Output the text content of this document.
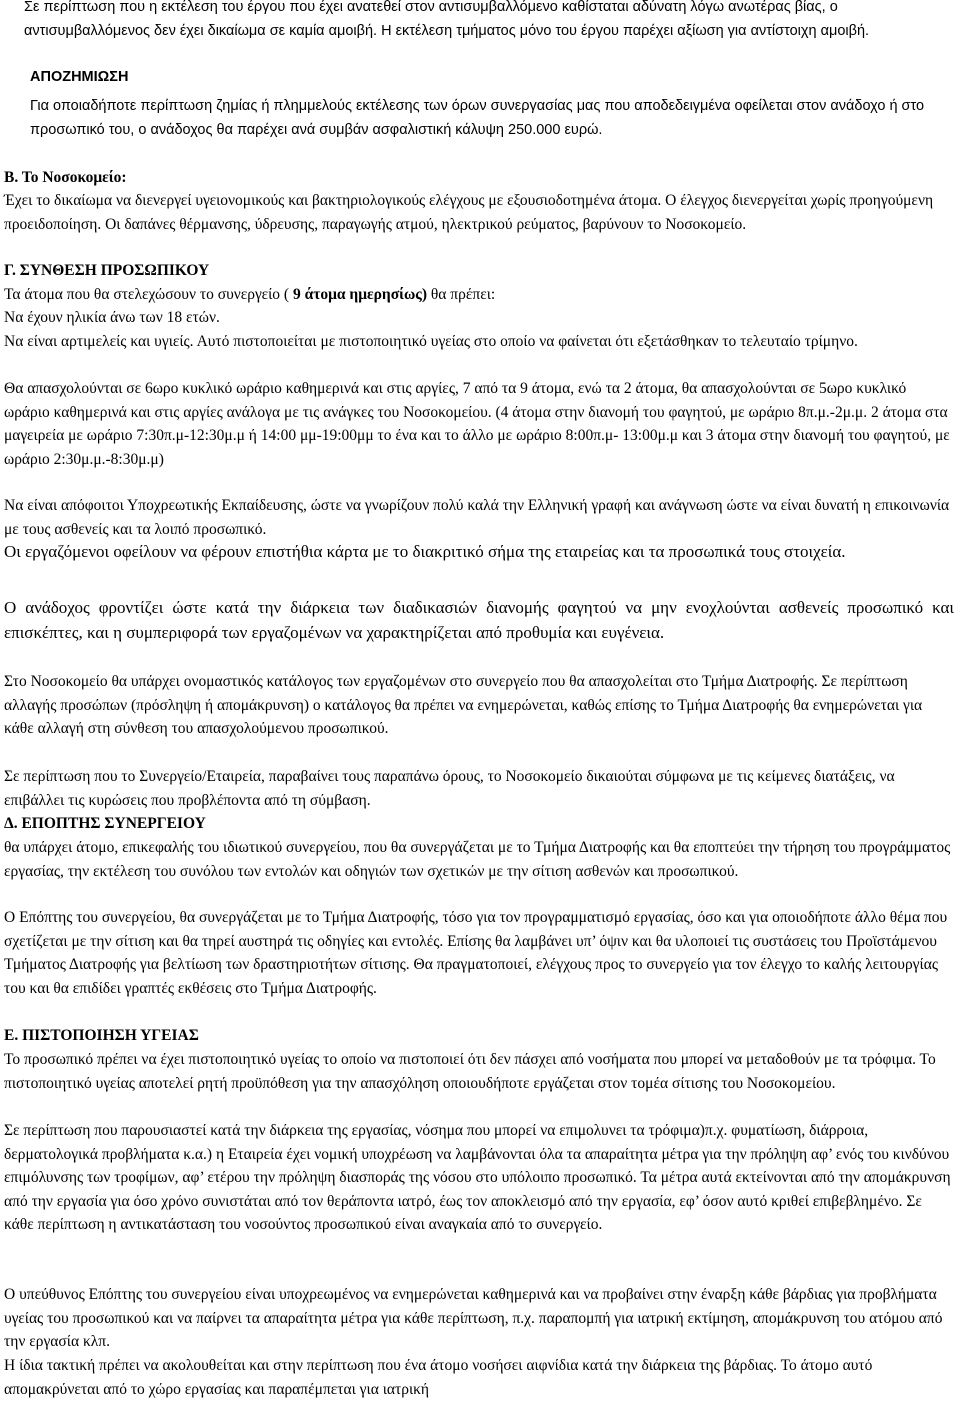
Σε περίπτωση που η εκτέλεση του έργου που έχει ανατεθεί στον αντισυμβαλλόμενο καθίσταται αδύνατη λόγω ανωτέρας βίας, ο αντισυμβαλλόμενος δεν έχει δικαίωμα σε καμία αμοιβή. Η εκτέλεση τμήματος μόνο του έργου παρέχει αξίωση για αντίστοιχη αμοιβή.

ΑΠΟΖΗΜΙΩΣΗ

Για οποιαδήποτε περίπτωση ζημίας ή πλημμελούς εκτέλεσης των όρων συνεργασίας μας που αποδεδειγμένα οφείλεται στον ανάδοχο ή στο προσωπικό του, ο ανάδοχος θα παρέχει ανά συμβάν ασφαλιστική κάλυψη 250.000 ευρώ.

Β. Το Νοσοκομείο:

Έχει το δικαίωμα να διενεργεί υγειονομικούς και βακτηριολογικούς ελέγχους με εξουσιοδοτημένα άτομα. Ο έλεγχος διενεργείται χωρίς προηγούμενη προειδοποίηση. Οι δαπάνες θέρμανσης, ύδρευσης, παραγωγής ατμού, ηλεκτρικού ρεύματος, βαρύνουν το Νοσοκομείο.

Γ. ΣΥΝΘΕΣΗ ΠΡΟΣΩΠΙΚΟΥ

Τα άτομα που θα στελεχώσουν το συνεργείο ( 9 άτομα ημερησίως) θα πρέπει:

Να έχουν ηλικία άνω των 18 ετών.

Να είναι αρτιμελείς και υγιείς. Αυτό πιστοποιείται με πιστοποιητικό υγείας στο οποίο να φαίνεται ότι εξετάσθηκαν το τελευταίο τρίμηνο.

Θα απασχολούνται σε 6ωρο κυκλικό ωράριο καθημερινά και στις αργίες, 7 από τα 9 άτομα, ενώ τα 2 άτομα, θα απασχολούνται σε 5ωρο κυκλικό ωράριο καθημερινά και στις αργίες ανάλογα με τις ανάγκες του Νοσοκομείου. (4 άτομα στην διανομή του φαγητού, με ωράριο 8π.μ.-2μ.μ. 2 άτομα στα μαγειρεία με ωράριο 7:30π.μ-12:30μ.μ ή 14:00 μμ-19:00μμ το ένα και το άλλο με ωράριο 8:00π.μ- 13:00μ.μ και 3 άτομα στην διανομή του φαγητού, με ωράριο 2:30μ.μ.-8:30μ.μ)

Να είναι απόφοιτοι Υποχρεωτικής Εκπαίδευσης, ώστε να γνωρίζουν πολύ καλά την Ελληνική γραφή και ανάγνωση ώστε να είναι δυνατή η επικοινωνία με τους ασθενείς και τα λοιπό προσωπικό.

Οι εργαζόμενοι οφείλουν να φέρουν επιστήθια κάρτα με το διακριτικό σήμα της εταιρείας και τα προσωπικά τους στοιχεία.

Ο ανάδοχος φροντίζει ώστε κατά την διάρκεια των διαδικασιών διανομής φαγητού να μην ενοχλούνται ασθενείς προσωπικό και επισκέπτες, και η συμπεριφορά των εργαζομένων να χαρακτηρίζεται από προθυμία και ευγένεια.

Στο Νοσοκομείο θα υπάρχει ονομαστικός κατάλογος των εργαζομένων στο συνεργείο που θα απασχολείται στο Τμήμα Διατροφής. Σε περίπτωση αλλαγής προσώπων (πρόσληψη ή απομάκρυνση) ο κατάλογος θα πρέπει να ενημερώνεται, καθώς επίσης το Τμήμα Διατροφής θα ενημερώνεται για κάθε αλλαγή στη σύνθεση του απασχολούμενου προσωπικού.

Σε περίπτωση που το Συνεργείο/Εταιρεία, παραβαίνει τους παραπάνω όρους, το Νοσοκομείο δικαιούται σύμφωνα με τις κείμενες διατάξεις, να επιβάλλει τις κυρώσεις που προβλέποντα από τη σύμβαση.

Δ. ΕΠΟΠΤΗΣ ΣΥΝΕΡΓΕΙΟΥ

θα υπάρχει άτομο, επικεφαλής του ιδιωτικού συνεργείου, που θα συνεργάζεται με το Τμήμα Διατροφής και θα εποπτεύει την τήρηση του προγράμματος εργασίας, την εκτέλεση του συνόλου των εντολών και οδηγιών των σχετικών με την σίτιση ασθενών και προσωπικού.

Ο Επόπτης του συνεργείου, θα συνεργάζεται με το Τμήμα Διατροφής, τόσο για τον προγραμματισμό εργασίας, όσο και για οποιοδήποτε άλλο θέμα που σχετίζεται με την σίτιση και θα τηρεί αυστηρά τις οδηγίες και εντολές. Επίσης θα λαμβάνει υπ’ όψιν και θα υλοποιεί τις συστάσεις του Προϊστάμενου Τμήματος Διατροφής για βελτίωση των δραστηριοτήτων σίτισης. Θα πραγματοποιεί, ελέγχους προς το συνεργείο για τον έλεγχο το καλής λειτουργίας του και θα επιδίδει γραπτές εκθέσεις στο Τμήμα Διατροφής.

Ε. ΠΙΣΤΟΠΟΙΗΣΗ ΥΓΕΙΑΣ

Το προσωπικό πρέπει να έχει πιστοποιητικό υγείας το οποίο να πιστοποιεί ότι δεν πάσχει από νοσήματα που μπορεί να μεταδοθούν με τα τρόφιμα. Το πιστοποιητικό υγείας αποτελεί ρητή προϋπόθεση για την απασχόληση οποιουδήποτε εργάζεται στον τομέα σίτισης του Νοσοκομείου.

Σε περίπτωση που παρουσιαστεί κατά την διάρκεια της εργασίας, νόσημα που μπορεί να επιμολυνει τα τρόφιμα)π.χ. φυματίωση, διάρροια, δερματολογικά προβλήματα κ.α.) η Εταιρεία έχει νομική υποχρέωση να λαμβάνονται όλα τα απαραίτητα μέτρα για την πρόληψη αφ’ ενός του κινδύνου επιμόλυνσης των τροφίμων, αφ’ ετέρου την πρόληψη διασποράς της νόσου στο υπόλοιπο προσωπικό. Τα μέτρα αυτά εκτείνονται από την απομάκρυνση από την εργασία για όσο χρόνο συνιστάται από τον θεράποντα ιατρό, έως τον αποκλεισμό από την εργασία, εφ’ όσον αυτό κριθεί επιβεβλημένο. Σε κάθε περίπτωση η αντικατάσταση του νοσούντος προσωπικού είναι αναγκαία από το συνεργείο.

Ο υπεύθυνος Επόπτης του συνεργείου είναι υποχρεωμένος να ενημερώνεται καθημερινά και να προβαίνει στην έναρξη κάθε βάρδιας για προβλήματα υγείας του προσωπικού και να παίρνει τα απαραίτητα μέτρα για κάθε περίπτωση, π.χ. παραπομπή για ιατρική εκτίμηση, απομάκρυνση του ατόμου από την εργασία κλπ.

Η ίδια τακτική πρέπει να ακολουθείται και στην περίπτωση που ένα άτομο νοσήσει αιφνίδια κατά την διάρκεια της βάρδιας. Το άτομο αυτό απομακρύνεται από το χώρο εργασίας και παραπέμπεται για ιατρική
